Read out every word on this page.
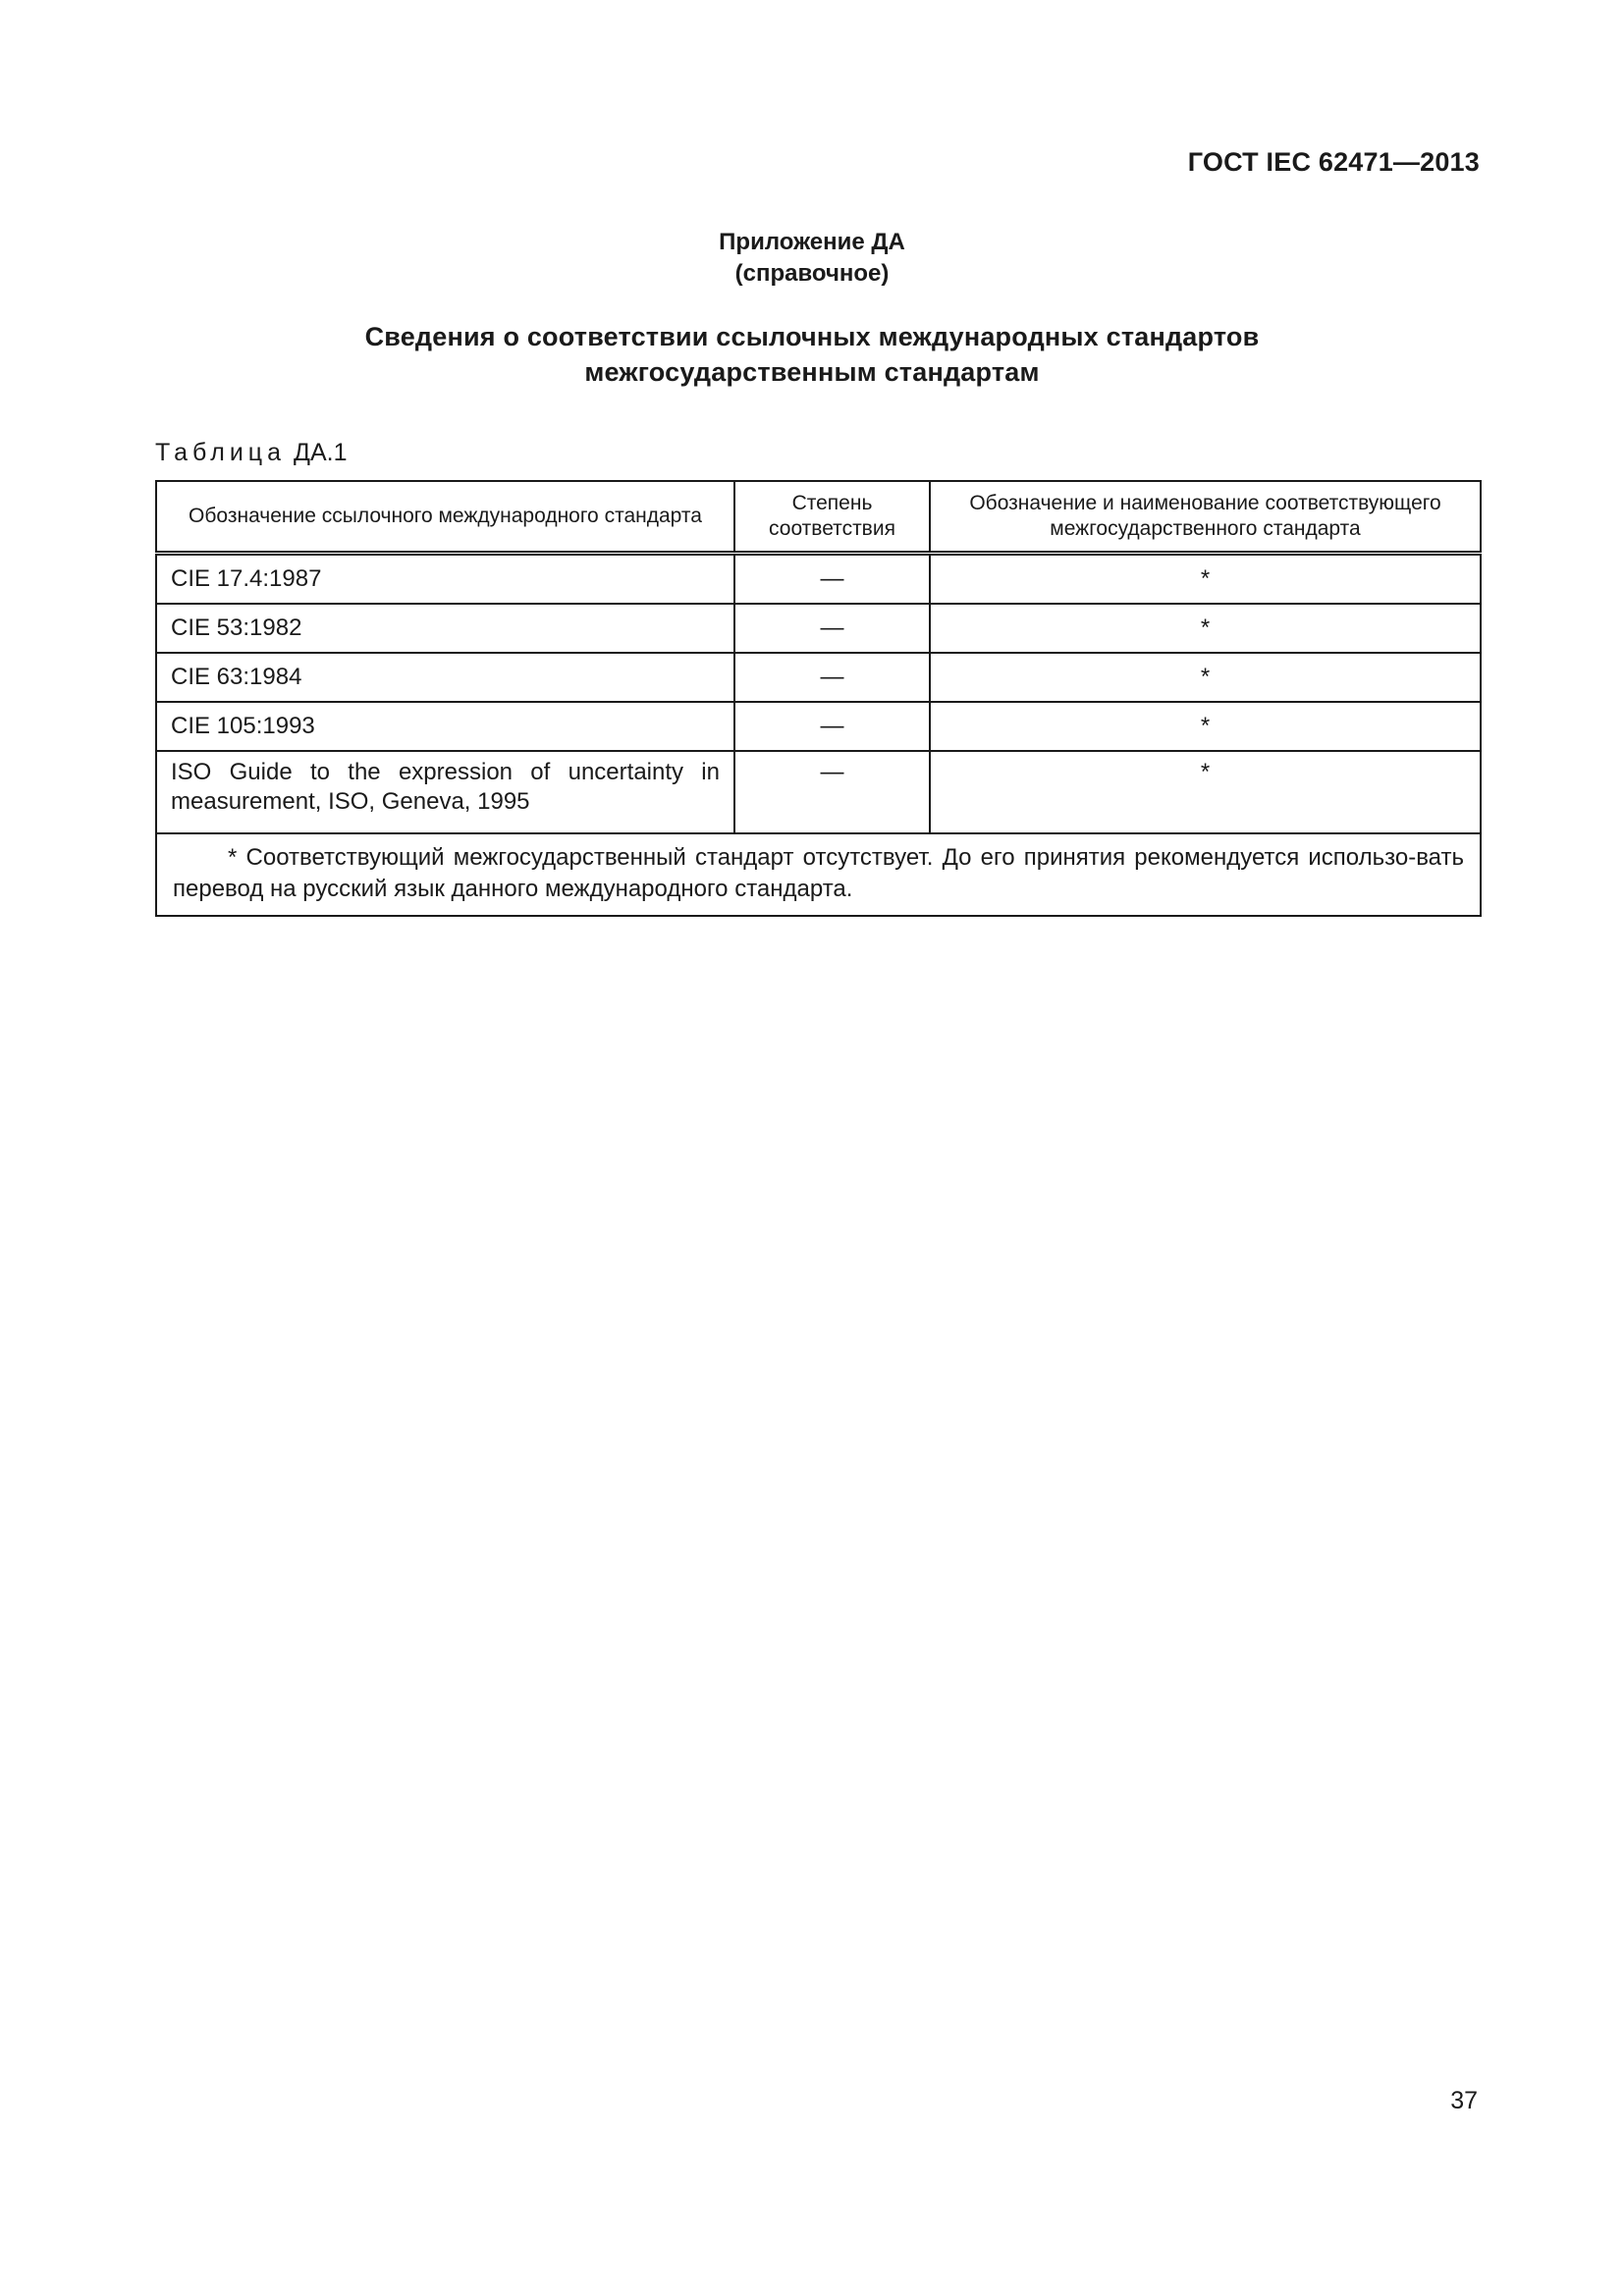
ГОСТ IEC 62471—2013
Приложение ДА
(справочное)
Сведения о соответствии ссылочных международных стандартов
межгосударственным стандартам
Таблица ДА.1
Обозначение ссылочного международного стандарта	Степень соответствия	Обозначение и наименование соответствующего межгосударственного стандарта
CIE 17.4:1987	—	*
CIE 53:1982	—	*
CIE 63:1984	—	*
CIE 105:1993	—	*
ISO Guide to the expression of uncertainty in measurement, ISO, Geneva, 1995	—	*
* Соответствующий межгосударственный стандарт отсутствует. До его принятия рекомендуется использо-вать перевод на русский язык данного международного стандарта.		
37
